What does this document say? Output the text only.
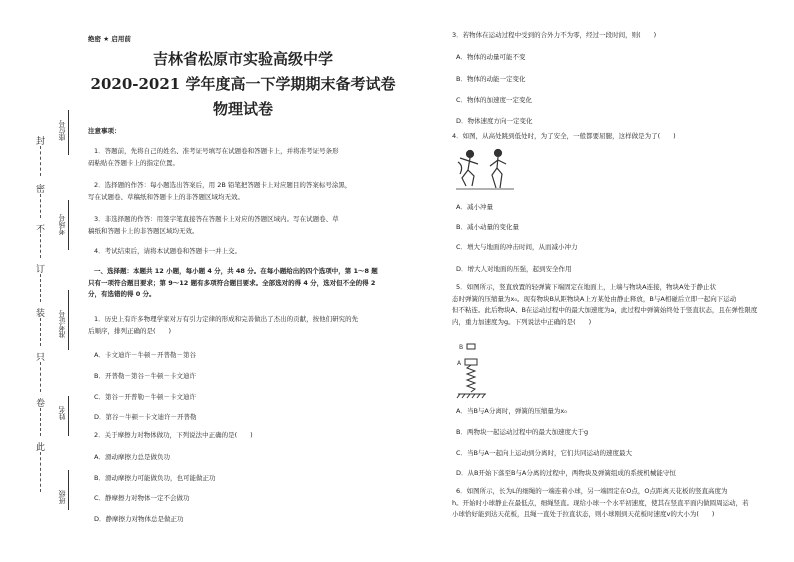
封
密
不
订
装
只
卷
此
座位号
考场号
准考证号
姓名
班级
绝密 ★ 启用前
吉林省松原市实验高级中学
2020-2021 学年度高一下学期期末备考试卷
物理试卷
注意事项：
1．答题前，先将自己的姓名、准考证号填写在试题卷和答题卡上，并将准考证号条形
码粘贴在答题卡上的指定位置。
2．选择题的作答：每小题选出答案后，用 2B 铅笔把答题卡上对应题目的答案标号涂黑，
写在试题卷、草稿纸和答题卡上的非答题区域均无效。
3．非选择题的作答：用签字笔直接答在答题卡上对应的答题区域内。写在试题卷、草
稿纸和答题卡上的非答题区域均无效。
4．考试结束后，请将本试题卷和答题卡一并上交。
一、选择题：本题共 12 小题，每小题 4 分，共 48 分。在每小题给出的四个选项中，第 1～8 题
只有一项符合题目要求；第 9～12 题有多项符合题目要求。全部选对的得 4 分，选对但不全的得 2
分，有选错的得 0 分。
1．历史上有许多物理学家对万有引力定律的形成和完善做出了杰出的贡献，按他们研究的先
后顺序，排列正确的是(　　)
A．卡文迪许－牛顿－开普勒－第谷
B．开普勒－第谷－牛顿－卡文迪许
C．第谷－开普勒－牛顿－卡文迪许
D．第谷－牛顿－卡文迪许－开普勒
2．关于摩擦力对物体做功，下列说法中正确的是(　　)
A．滑动摩擦力总是做负功
B．滑动摩擦力可能做负功，也可能做正功
C．静摩擦力对物体一定不会做功
D．静摩擦力对物体总是做正功
3．若物体在运动过程中受到的合外力不为零，经过一段时间，则(　　)
A．物体的动量可能不变
B．物体的动能一定变化
C．物体的加速度一定变化
D．物体速度方向一定变化
4．如图，从高处跳到低处时，为了安全，一般都要屈腿，这样做是为了(　　)
A．减小冲量
B．减小动量的变化量
C．增大与地面的冲击时间，从而减小冲力
D．增大人对地面的压强，起到安全作用
5．如图所示，竖直放置的轻弹簧下端固定在地面上，上端与物块A连接，物块A处于静止状
态时弹簧的压缩量为x₀。现有物块B从距物块A上方某处由静止释放，B与A相碰后立即一起向下运动
但不粘连。此后物块A、B在运动过程中的最大加速度为a，此过程中弹簧始终处于竖直状态，且在弹性限度
内，重力加速度为g。下列说法中正确的是(　　)
B
A
A．当B与A分离时，弹簧的压缩量为x₀
B．两物块一起运动过程中的最大加速度大于g
C．当B与A一起向上运动到分离时，它们共同运动的速度最大
D．从B开始下落至B与A分离的过程中，两物块及弹簧组成的系统机械能守恒
6．如图所示，长为L的细绳的一端连着小球，另一端固定在O点，O点距离天花板的竖直高度为
h。开始时小球静止在最低点，细绳竖直。现给小球一个水平初速度，使其在竖直平面内做圆周运动，若
小球恰好能到达天花板，且绳一直处于拉直状态，则小球刚到天花板时速度v的大小为(　　)
